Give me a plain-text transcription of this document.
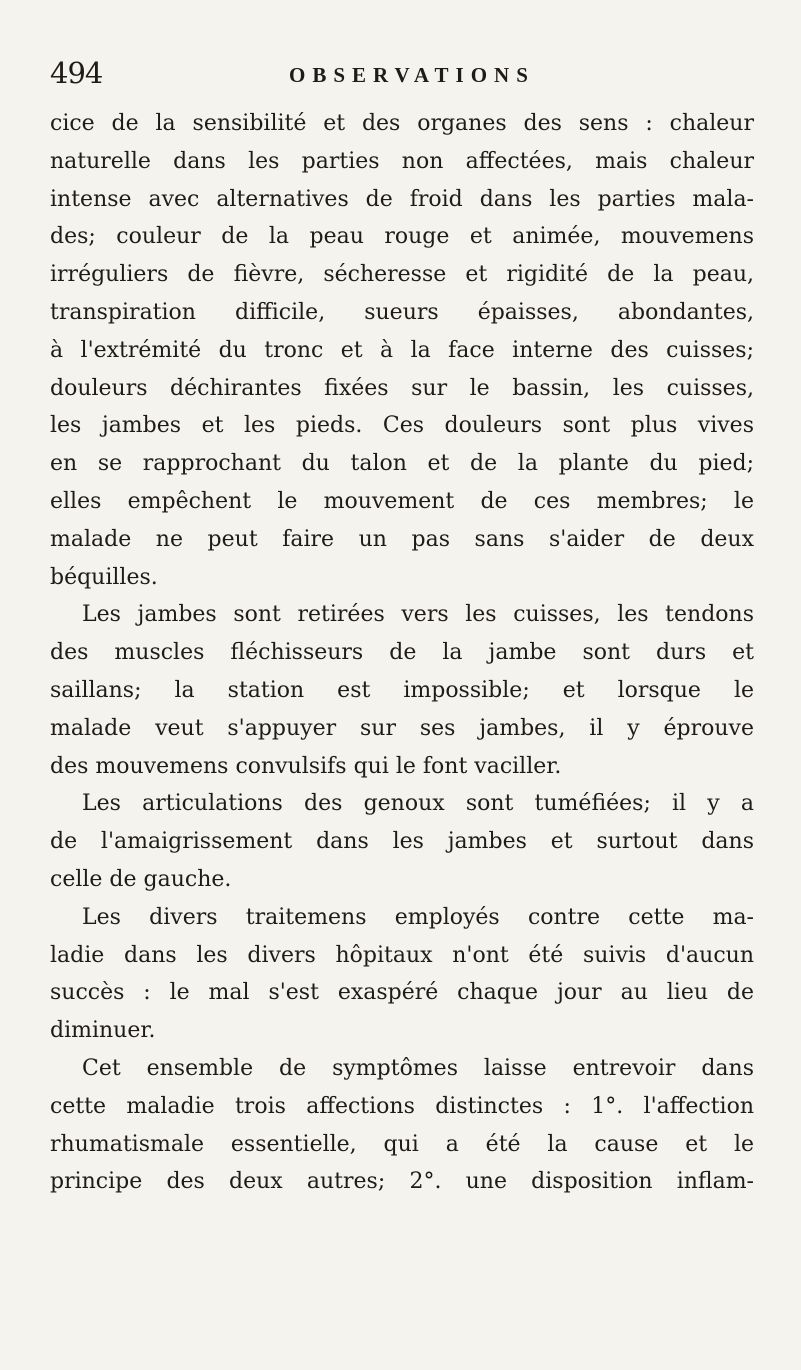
494	OBSERVATIONS
cice de la sensibilité et des organes des sens : chaleur
naturelle dans les parties non affectées, mais chaleur
intense avec alternatives de froid dans les parties mala-
des; couleur de la peau rouge et animée, mouvemens
irréguliers de fièvre, sécheresse et rigidité de la peau,
transpiration difficile, sueurs épaisses, abondantes,
à l'extrémité du tronc et à la face interne des cuisses;
douleurs déchirantes fixées sur le bassin, les cuisses,
les jambes et les pieds. Ces douleurs sont plus vives
en se rapprochant du talon et de la plante du pied;
elles empêchent le mouvement de ces membres; le
malade ne peut faire un pas sans s'aider de deux
béquilles.
Les jambes sont retirées vers les cuisses, les tendons
des muscles fléchisseurs de la jambe sont durs et
saillans; la station est impossible; et lorsque le
malade veut s'appuyer sur ses jambes, il y éprouve
des mouvemens convulsifs qui le font vaciller.
Les articulations des genoux sont tuméfiées; il y a
de l'amaigrissement dans les jambes et surtout dans
celle de gauche.
Les divers traitemens employés contre cette ma-
ladie dans les divers hôpitaux n'ont été suivis d'aucun
succès : le mal s'est exaspéré chaque jour au lieu de
diminuer.
Cet ensemble de symptômes laisse entrevoir dans
cette maladie trois affections distinctes : 1°. l'affection
rhumatismale essentielle, qui a été la cause et le
principe des deux autres; 2°. une disposition inflam-
